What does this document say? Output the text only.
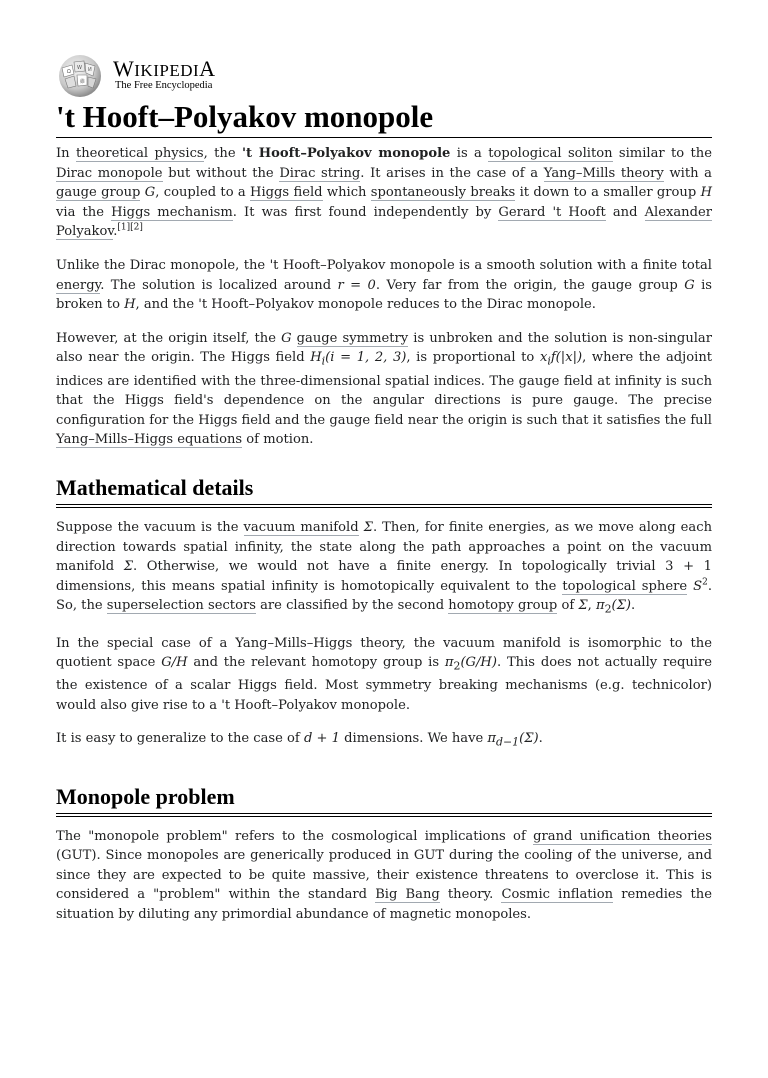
Ω
W И
維
WIKIPEDIA
The Free Encyclopedia
't Hooft–Polyakov monopole

In theoretical physics, the 't Hooft–Polyakov monopole is a topological soliton similar to the Dirac monopole but without the Dirac string. It arises in the case of a Yang–Mills theory with a gauge group G, coupled to a Higgs field which spontaneously breaks it down to a smaller group H via the Higgs mechanism. It was first found independently by Gerard 't Hooft and Alexander Polyakov.[1][2]

Unlike the Dirac monopole, the 't Hooft–Polyakov monopole is a smooth solution with a finite total energy. The solution is localized around r = 0. Very far from the origin, the gauge group G is broken to H, and the 't Hooft–Polyakov monopole reduces to the Dirac monopole.

However, at the origin itself, the G gauge symmetry is unbroken and the solution is non-singular also near the origin. The Higgs field $H_i(i = 1$, 2, 3), is proportional to $x_if(|x|)$, where the adjoint indices are identified with the three-dimensional spatial indices. The gauge field at infinity is such that the Higgs field's dependence on the angular directions is pure gauge. The precise configuration for the Higgs field and the gauge field near the origin is such that it satisfies the full Yang–Mills–Higgs equations of motion.

Mathematical details

Suppose the vacuum is the vacuum manifold Σ. Then, for finite energies, as we move along each direction towards spatial infinity, the state along the path approaches a point on the vacuum manifold Σ. Otherwise, we would not have a finite energy. In topologically trivial 3 + 1 dimensions, this means spatial infinity is homotopically equivalent to the topological sphere $S^2$. So, the superselection sectors are classified by the second homotopy group of Σ, $\pi_2(\Sigma)$.

In the special case of a Yang–Mills–Higgs theory, the vacuum manifold is isomorphic to the quotient space G/H and the relevant homotopy group is $\pi_2(G/H)$. This does not actually require the existence of a scalar Higgs field. Most symmetry breaking mechanisms (e.g. technicolor) would also give rise to a 't Hooft–Polyakov monopole.

It is easy to generalize to the case of d + 1 dimensions. We have $\pi_{d-1}(\Sigma)$.

Monopole problem

The "monopole problem" refers to the cosmological implications of grand unification theories (GUT). Since monopoles are generically produced in GUT during the cooling of the universe, and since they are expected to be quite massive, their existence threatens to overclose it. This is considered a "problem" within the standard Big Bang theory. Cosmic inflation remedies the situation by diluting any primordial abundance of magnetic monopoles.
